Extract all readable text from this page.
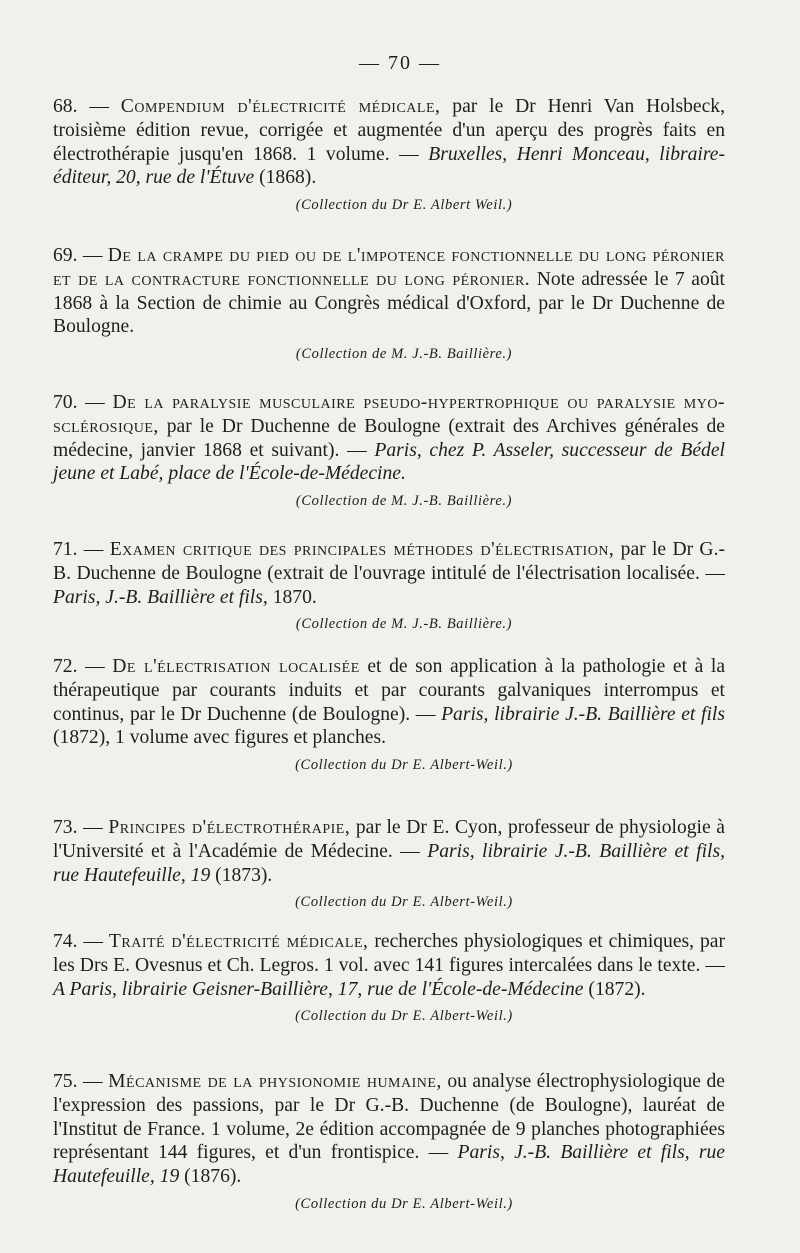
— 70 —

68. — Compendium d'électricité médicale, par le Dr Henri Van Holsbeck, troisième édition revue, corrigée et augmentée d'un aperçu des progrès faits en électrothérapie jusqu'en 1868. 1 volume. — Bruxelles, Henri Monceau, libraire-éditeur, 20, rue de l'Étuve (1868).

(Collection du Dr E. Albert Weil.)

69. — De la crampe du pied ou de l'impotence fonctionnelle du long péronier et de la contracture fonctionnelle du long péronier. Note adressée le 7 août 1868 à la Section de chimie au Congrès médical d'Oxford, par le Dr Duchenne de Boulogne.

(Collection de M. J.-B. Baillière.)

70. — De la paralysie musculaire pseudo-hypertrophique ou paralysie myo-sclérosique, par le Dr Duchenne de Boulogne (extrait des Archives générales de médecine, janvier 1868 et suivant). — Paris, chez P. Asseler, successeur de Bédel jeune et Labé, place de l'École-de-Médecine.

(Collection de M. J.-B. Baillière.)

71. — Examen critique des principales méthodes d'électrisation, par le Dr G.-B. Duchenne de Boulogne (extrait de l'ouvrage intitulé de l'électrisation localisée. — Paris, J.-B. Baillière et fils, 1870.

(Collection de M. J.-B. Baillière.)

72. — De l'électrisation localisée et de son application à la pathologie et à la thérapeutique par courants induits et par courants galvaniques interrompus et continus, par le Dr Duchenne (de Boulogne). — Paris, librairie J.-B. Baillière et fils (1872), 1 volume avec figures et planches.

(Collection du Dr E. Albert-Weil.)

73. — Principes d'électrothérapie, par le Dr E. Cyon, professeur de physiologie à l'Université et à l'Académie de Médecine. — Paris, librairie J.-B. Baillière et fils, rue Hautefeuille, 19 (1873).

(Collection du Dr E. Albert-Weil.)

74. — Traité d'électricité médicale, recherches physiologiques et chimiques, par les Drs E. Ovesnus et Ch. Legros. 1 vol. avec 141 figures intercalées dans le texte. — A Paris, librairie Geisner-Baillière, 17, rue de l'École-de-Médecine (1872).

(Collection du Dr E. Albert-Weil.)

75. — Mécanisme de la physionomie humaine, ou analyse électrophysiologique de l'expression des passions, par le Dr G.-B. Duchenne (de Boulogne), lauréat de l'Institut de France. 1 volume, 2e édition accompagnée de 9 planches photographiées représentant 144 figures, et d'un frontispice. — Paris, J.-B. Baillière et fils, rue Hautefeuille, 19 (1876).

(Collection du Dr E. Albert-Weil.)
